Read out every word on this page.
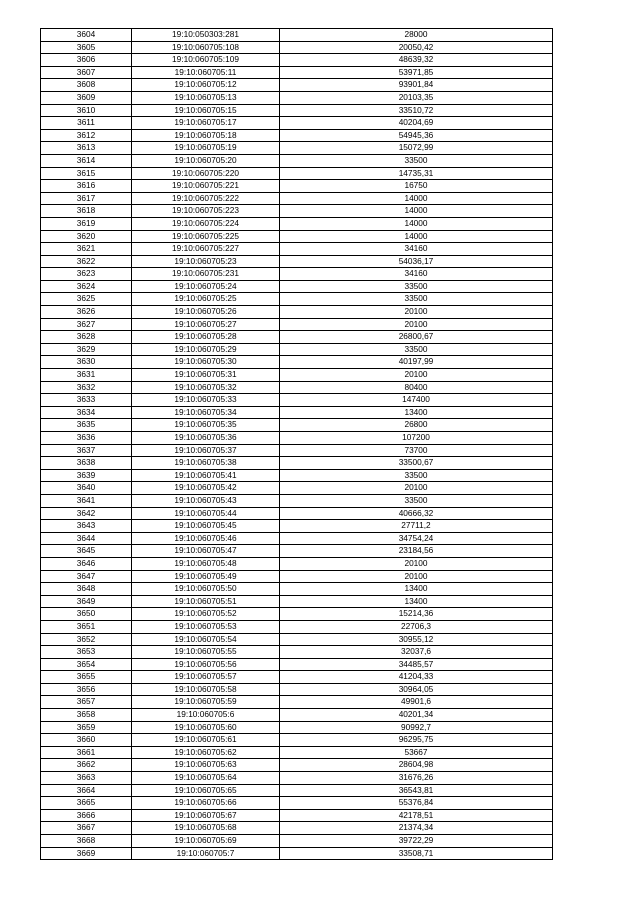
3604	19:10:050303:281	28000
3605	19:10:060705:108	20050,42
3606	19:10:060705:109	48639,32
3607	19:10:060705:11	53971,85
3608	19:10:060705:12	93901,84
3609	19:10:060705:13	20103,35
3610	19:10:060705:15	33510,72
3611	19:10:060705:17	40204,69
3612	19:10:060705:18	54945,36
3613	19:10:060705:19	15072,99
3614	19:10:060705:20	33500
3615	19:10:060705:220	14735,31
3616	19:10:060705:221	16750
3617	19:10:060705:222	14000
3618	19:10:060705:223	14000
3619	19:10:060705:224	14000
3620	19:10:060705:225	14000
3621	19:10:060705:227	34160
3622	19:10:060705:23	54036,17
3623	19:10:060705:231	34160
3624	19:10:060705:24	33500
3625	19:10:060705:25	33500
3626	19:10:060705:26	20100
3627	19:10:060705:27	20100
3628	19:10:060705:28	26800,67
3629	19:10:060705:29	33500
3630	19:10:060705:30	40197,99
3631	19:10:060705:31	20100
3632	19:10:060705:32	80400
3633	19:10:060705:33	147400
3634	19:10:060705:34	13400
3635	19:10:060705:35	26800
3636	19:10:060705:36	107200
3637	19:10:060705:37	73700
3638	19:10:060705:38	33500,67
3639	19:10:060705:41	33500
3640	19:10:060705:42	20100
3641	19:10:060705:43	33500
3642	19:10:060705:44	40666,32
3643	19:10:060705:45	27711,2
3644	19:10:060705:46	34754,24
3645	19:10:060705:47	23184,56
3646	19:10:060705:48	20100
3647	19:10:060705:49	20100
3648	19:10:060705:50	13400
3649	19:10:060705:51	13400
3650	19:10:060705:52	15214,36
3651	19:10:060705:53	22706,3
3652	19:10:060705:54	30955,12
3653	19:10:060705:55	32037,6
3654	19:10:060705:56	34485,57
3655	19:10:060705:57	41204,33
3656	19:10:060705:58	30964,05
3657	19:10:060705:59	49901,6
3658	19:10:060705:6	40201,34
3659	19:10:060705:60	90992,7
3660	19:10:060705:61	96295,75
3661	19:10:060705:62	53667
3662	19:10:060705:63	28604,98
3663	19:10:060705:64	31676,26
3664	19:10:060705:65	36543,81
3665	19:10:060705:66	55376,84
3666	19:10:060705:67	42178,51
3667	19:10:060705:68	21374,34
3668	19:10:060705:69	39722,29
3669	19:10:060705:7	33508,71
